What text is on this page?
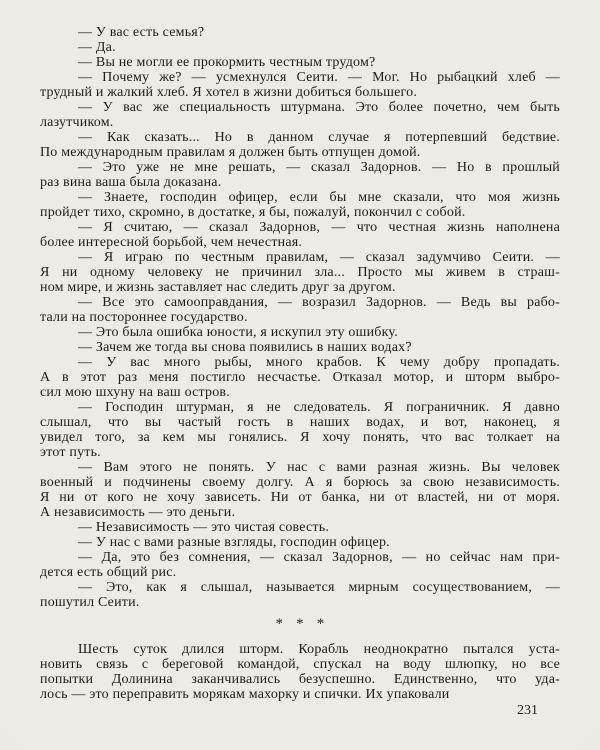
— У вас есть семья?
— Да.
— Вы не могли ее прокормить честным трудом?
— Почему же? — усмехнулся Сеити. — Мог. Но рыбацкий хлеб —
трудный и жалкий хлеб. Я хотел в жизни добиться большего.
— У вас же специальность штурмана. Это более почетно, чем быть
лазутчиком.
— Как сказать... Но в данном случае я потерпевший бедствие.
По международным правилам я должен быть отпущен домой.
— Это уже не мне решать, — сказал Задорнов. — Но в прошлый
раз вина ваша была доказана.
— Знаете, господин офицер, если бы мне сказали, что моя жизнь
пройдет тихо, скромно, в достатке, я бы, пожалуй, покончил с собой.
— Я считаю, — сказал Задорнов, — что честная жизнь наполнена
более интересной борьбой, чем нечестная.
— Я играю по честным правилам, — сказал задумчиво Сеити. —
Я ни одному человеку не причинил зла... Просто мы живем в страш-
ном мире, и жизнь заставляет нас следить друг за другом.
— Все это самооправдания, — возразил Задорнов. — Ведь вы рабо-
тали на постороннее государство.
— Это была ошибка юности, я искупил эту ошибку.
— Зачем же тогда вы снова появились в наших водах?
— У вас много рыбы, много крабов. К чему добру пропадать.
А в этот раз меня постигло несчастье. Отказал мотор, и шторм выбро-
сил мою шхуну на ваш остров.
— Господин штурман, я не следователь. Я пограничник. Я давно
слышал, что вы частый гость в наших водах, и вот, наконец, я
увидел того, за кем мы гонялись. Я хочу понять, что вас толкает на
этот путь.
— Вам этого не понять. У нас с вами разная жизнь. Вы человек
военный и подчинены своему долгу. А я борюсь за свою независимость.
Я ни от кого не хочу зависеть. Ни от банка, ни от властей, ни от моря.
А независимость — это деньги.
— Независимость — это чистая совесть.
— У нас с вами разные взгляды, господин офицер.
— Да, это без сомнения, — сказал Задорнов, — но сейчас нам при-
дется есть общий рис.
— Это, как я слышал, называется мирным сосуществованием, —
пошутил Сеити.
* * *
Шесть суток длился шторм. Корабль неоднократно пытался уста-
новить связь с береговой командой, спускал на воду шлюпку, но все
попытки Долинина заканчивались безуспешно. Единственно, что уда-
лось — это переправить морякам махорку и спички. Их упаковали
231
